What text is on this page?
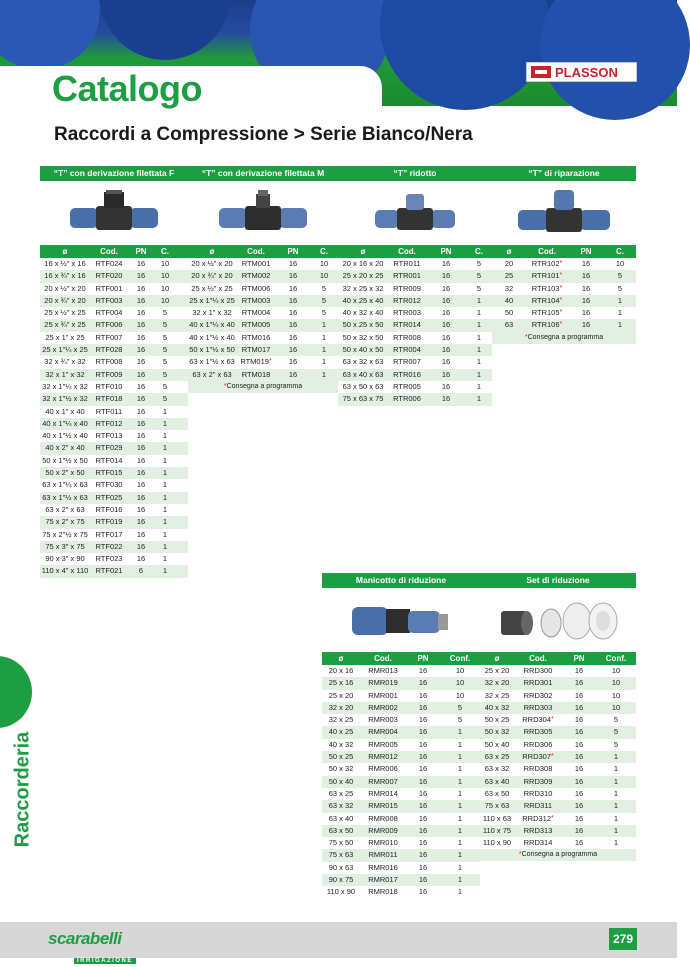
Catalogo	PLASSON
Raccordi a Compressione > Serie Bianco/Nera
“T” con derivazione filettata F
ø	Cod.	PN	C.
16 x ½" x 16	RTF024	16	10
16 x ¾" x 16	RTF020	16	10
20 x ½" x 20	RTF001	16	10
20 x ¾" x 20	RTF003	16	10
25 x ½" x 25	RTF004	16	5
25 x ¾" x 25	RTF006	16	5
25 x 1" x 25	RTF007	16	5
25 x 1"¼ x 25	RTF028	16	5
32 x ¾" x 32	RTF008	16	5
32 x 1" x 32	RTF009	16	5
32 x 1"¼ x 32	RTF010	16	5
32 x 1"½ x 32	RTF018	16	5
40 x 1" x 40	RTF011	16	1
40 x 1"¼ x 40	RTF012	16	1
40 x 1"½ x 40	RTF013	16	1
40 x 2" x 40	RTF029	16	1
50 x 1"½ x 50	RTF014	16	1
50 x 2" x 50	RTF015	16	1
63 x 1"¼ x 63	RTF030	16	1
63 x 1"½ x 63	RTF025	16	1
63 x 2" x 63	RTF016	16	1
75 x 2" x 75	RTF019	16	1
75 x 2"½ x 75	RTF017	16	1
75 x 3" x 75	RTF022	16	1
90 x 3" x 90	RTF023	16	1
110 x 4" x 110 RTF021	6	1
“T” con derivazione filettata M
ø	Cod.	PN	C.
20 x ½" x 20	RTM001	16	10
20 x ¾" x 20	RTM002	16	10
25 x ½" x 25	RTM006	16	5
25 x 1"¼ x 25 RTM003	16	5
32 x 1" x 32	RTM004	16	5
40 x 1"¼ x 40 RTM005	16	1
40 x 1"½ x 40 RTM016	16	1
50 x 1"½ x 50 RTM017	16	1
63 x 1"½ x 63 RTM019*	16	1
63 x 2" x 63	RTM018	16	1
*Consegna a programma
“T” ridotto
ø	Cod.	PN	C.
20 x 16 x 20	RTR011	16	5
25 x 20 x 25	RTR001	16	5
32 x 25 x 32	RTR009	16	5
40 x 25 x 40	RTR012	16	1
40 x 32 x 40	RTR003	16	1
50 x 25 x 50	RTR014	16	1
50 x 32 x 50	RTR008	16	1
50 x 40 x 50	RTR004	16	1
63 x 32 x 63	RTR007	16	1
63 x 40 x 63	RTR016	16	1
63 x 50 x 63	RTR005	16	1
75 x 63 x 75	RTR006	16	1
“T” di riparazione
ø	Cod.	PN	C.
20	RTR102*	16	10
25	RTR101*	16	5
32	RTR103*	16	5
40	RTR104*	16	1
50	RTR105*	16	1
63	RTR106*	16	1
*Consegna a programma
Manicotto di riduzione
ø	Cod.	PN	Conf.
20 x 16	RMR013	16	10
25 x 16	RMR019	16	10
25 x 20	RMR001	16	10
32 x 20	RMR002	16	5
32 x 25	RMR003	16	5
40 x 25	RMR004	16	1
40 x 32	RMR005	16	1
50 x 25	RMR012	16	1
50 x 32	RMR006	16	1
50 x 40	RMR007	16	1
63 x 25	RMR014	16	1
63 x 32	RMR015	16	1
63 x 40	RMR008	16	1
63 x 50	RMR009	16	1
75 x 50	RMR010	16	1
75 x 63	RMR011	16	1
90 x 63	RMR016	16	1
90 x 75	RMR017	16	1
110 x 90	RMR018	16	1
Set di riduzione
ø	Cod.	PN	Conf.
25 x 20	RRD300	16	10
32 x 20	RRD301	16	10
32 x 25	RRD302	16	10
40 x 32	RRD303	16	10
50 x 25	RRD304*	16	5
50 x 32	RRD305	16	5
50 x 40	RRD306	16	5
63 x 25	RRD307*	16	1
63 x 32	RRD308	16	1
63 x 40	RRD309	16	1
63 x 50	RRD310	16	1
75 x 63	RRD311	16	1
110 x 63	RRD312*	16	1
110 x 75	RRD313	16	1
110 x 90	RRD314	16	1
*Consegna a programma
Raccorderia
scarabelli
IRRIGAZIONE
279
